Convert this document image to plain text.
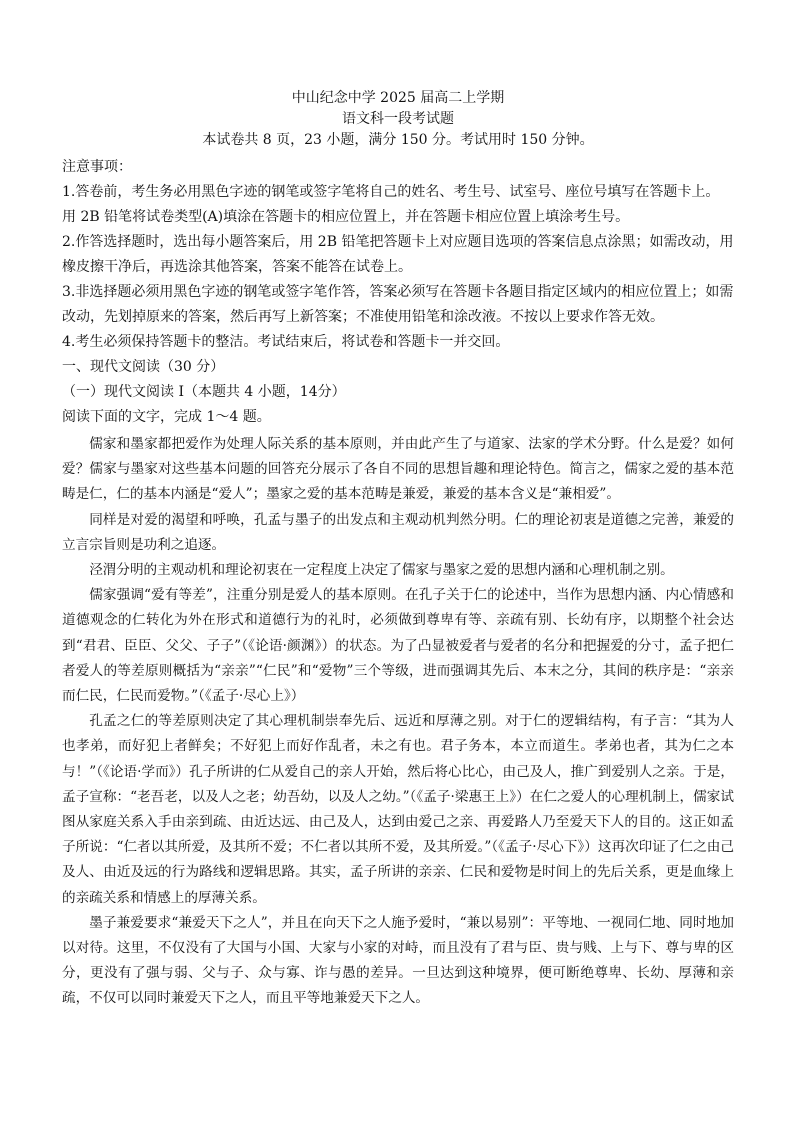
中山纪念中学 2025 届高二上学期
语文科一段考试题
本试卷共 8 页，23 小题，满分 150 分。考试用时 150 分钟。
注意事项：
1.答卷前，考生务必用黑色字迹的钢笔或签字笔将自己的姓名、考生号、试室号、座位号填写在答题卡上。
用 2B 铅笔将试卷类型(A)填涂在答题卡的相应位置上，并在答题卡相应位置上填涂考生号。
2.作答选择题时，选出每小题答案后，用 2B 铅笔把答题卡上对应题目选项的答案信息点涂黑；如需改动，用
橡皮擦干净后，再选涂其他答案，答案不能答在试卷上。
3.非选择题必须用黑色字迹的钢笔或签字笔作答，答案必须写在答题卡各题目指定区域内的相应位置上；如需
改动，先划掉原来的答案，然后再写上新答案；不准使用铅笔和涂改液。不按以上要求作答无效。
4.考生必须保持答题卡的整洁。考试结束后，将试卷和答题卡一并交回。
一、现代文阅读（30 分）
（一）现代文阅读 I（本题共 4 小题，14分）
阅读下面的文字，完成 1～4 题。

儒家和墨家都把爱作为处理人际关系的基本原则，并由此产生了与道家、法家的学术分野。什么是爱？如何爱？儒家与墨家对这些基本问题的回答充分展示了各自不同的思想旨趣和理论特色。简言之，儒家之爱的基本范畴是仁，仁的基本内涵是“爱人”；墨家之爱的基本范畴是兼爱，兼爱的基本含义是“兼相爱”。

同样是对爱的渴望和呼唤，孔孟与墨子的出发点和主观动机判然分明。仁的理论初衷是道德之完善，兼爱的立言宗旨则是功利之追逐。

泾渭分明的主观动机和理论初衷在一定程度上决定了儒家与墨家之爱的思想内涵和心理机制之别。

儒家强调“爱有等差”，注重分别是爱人的基本原则。在孔子关于仁的论述中，当作为思想内涵、内心情感和道德观念的仁转化为外在形式和道德行为的礼时，必须做到尊卑有等、亲疏有别、长幼有序，以期整个社会达到“君君、臣臣、父父、子子”（《论语·颜渊》）的状态。为了凸显被爱者与爱者的名分和把握爱的分寸，孟子把仁者爱人的等差原则概括为“亲亲”“仁民”和“爱物”三个等级，进而强调其先后、本末之分，其间的秩序是：“亲亲而仁民，仁民而爱物。”（《孟子·尽心上》）

孔孟之仁的等差原则决定了其心理机制崇奉先后、远近和厚薄之别。对于仁的逻辑结构，有子言：“其为人也孝弟，而好犯上者鲜矣；不好犯上而好作乱者，未之有也。君子务本，本立而道生。孝弟也者，其为仁之本与！”（《论语·学而》）孔子所讲的仁从爱自己的亲人开始，然后将心比心，由己及人，推广到爱别人之亲。于是，孟子宣称：“老吾老，以及人之老；幼吾幼，以及人之幼。”（《孟子·梁惠王上》）在仁之爱人的心理机制上，儒家试图从家庭关系入手由亲到疏、由近达远、由己及人，达到由爱己之亲、再爱路人乃至爱天下人的目的。这正如孟子所说：“仁者以其所爱，及其所不爱；不仁者以其所不爱，及其所爱。”（《孟子·尽心下》）这再次印证了仁之由己及人、由近及远的行为路线和逻辑思路。其实，孟子所讲的亲亲、仁民和爱物是时间上的先后关系，更是血缘上的亲疏关系和情感上的厚薄关系。

墨子兼爱要求“兼爱天下之人”，并且在向天下之人施予爱时，“兼以易别”：平等地、一视同仁地、同时地加以对待。这里，不仅没有了大国与小国、大家与小家的对峙，而且没有了君与臣、贵与贱、上与下、尊与卑的区分，更没有了强与弱、父与子、众与寡、诈与愚的差异。一旦达到这种境界，便可断绝尊卑、长幼、厚薄和亲疏，不仅可以同时兼爱天下之人，而且平等地兼爱天下之人。
